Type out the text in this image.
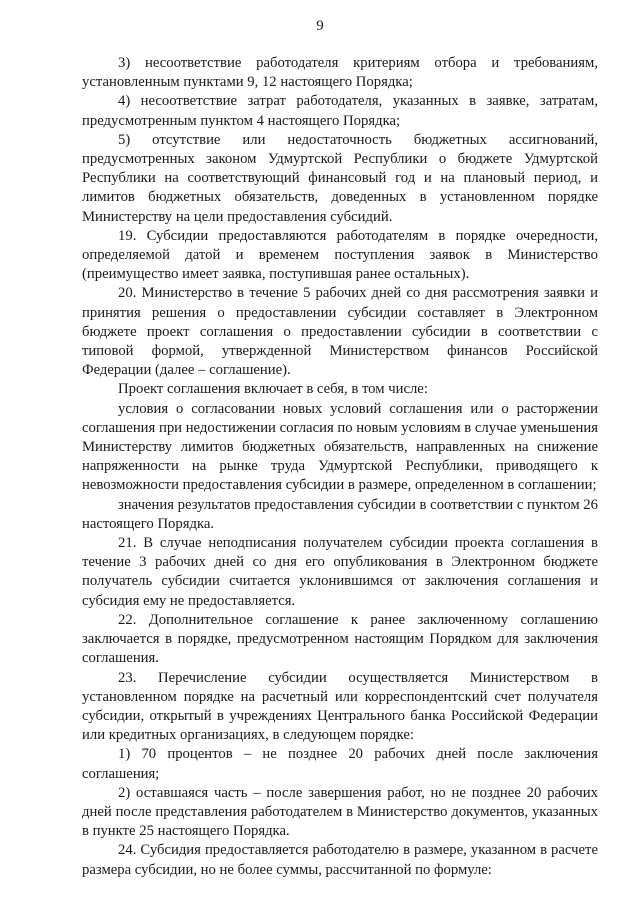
9

3) несоответствие работодателя критериям отбора и требованиям, установленным пунктами 9, 12 настоящего Порядка;

4) несоответствие затрат работодателя, указанных в заявке, затратам, предусмотренным пунктом 4 настоящего Порядка;

5) отсутствие или недостаточность бюджетных ассигнований, предусмотренных законом Удмуртской Республики о бюджете Удмуртской Республики на соответствующий финансовый год и на плановый период, и лимитов бюджетных обязательств, доведенных в установленном порядке Министерству на цели предоставления субсидий.

19. Субсидии предоставляются работодателям в порядке очередности, определяемой датой и временем поступления заявок в Министерство (преимущество имеет заявка, поступившая ранее остальных).

20. Министерство в течение 5 рабочих дней со дня рассмотрения заявки и принятия решения о предоставлении субсидии составляет в Электронном бюджете проект соглашения о предоставлении субсидии в соответствии с типовой формой, утвержденной Министерством финансов Российской Федерации (далее – соглашение).

Проект соглашения включает в себя, в том числе:

условия о согласовании новых условий соглашения или о расторжении соглашения при недостижении согласия по новым условиям в случае уменьшения Министерству лимитов бюджетных обязательств, направленных на снижение напряженности на рынке труда Удмуртской Республики, приводящего к невозможности предоставления субсидии в размере, определенном в соглашении;

значения результатов предоставления субсидии в соответствии с пунктом 26 настоящего Порядка.

21. В случае неподписания получателем субсидии проекта соглашения в течение 3 рабочих дней со дня его опубликования в Электронном бюджете получатель субсидии считается уклонившимся от заключения соглашения и субсидия ему не предоставляется.

22. Дополнительное соглашение к ранее заключенному соглашению заключается в порядке, предусмотренном настоящим Порядком для заключения соглашения.

23. Перечисление субсидии осуществляется Министерством в установленном порядке на расчетный или корреспондентский счет получателя субсидии, открытый в учреждениях Центрального банка Российской Федерации или кредитных организациях, в следующем порядке:

1) 70 процентов – не позднее 20 рабочих дней после заключения соглашения;

2) оставшаяся часть – после завершения работ, но не позднее 20 рабочих дней после представления работодателем в Министерство документов, указанных в пункте 25 настоящего Порядка.

24. Субсидия предоставляется работодателю в размере, указанном в расчете размера субсидии, но не более суммы, рассчитанной по формуле:
